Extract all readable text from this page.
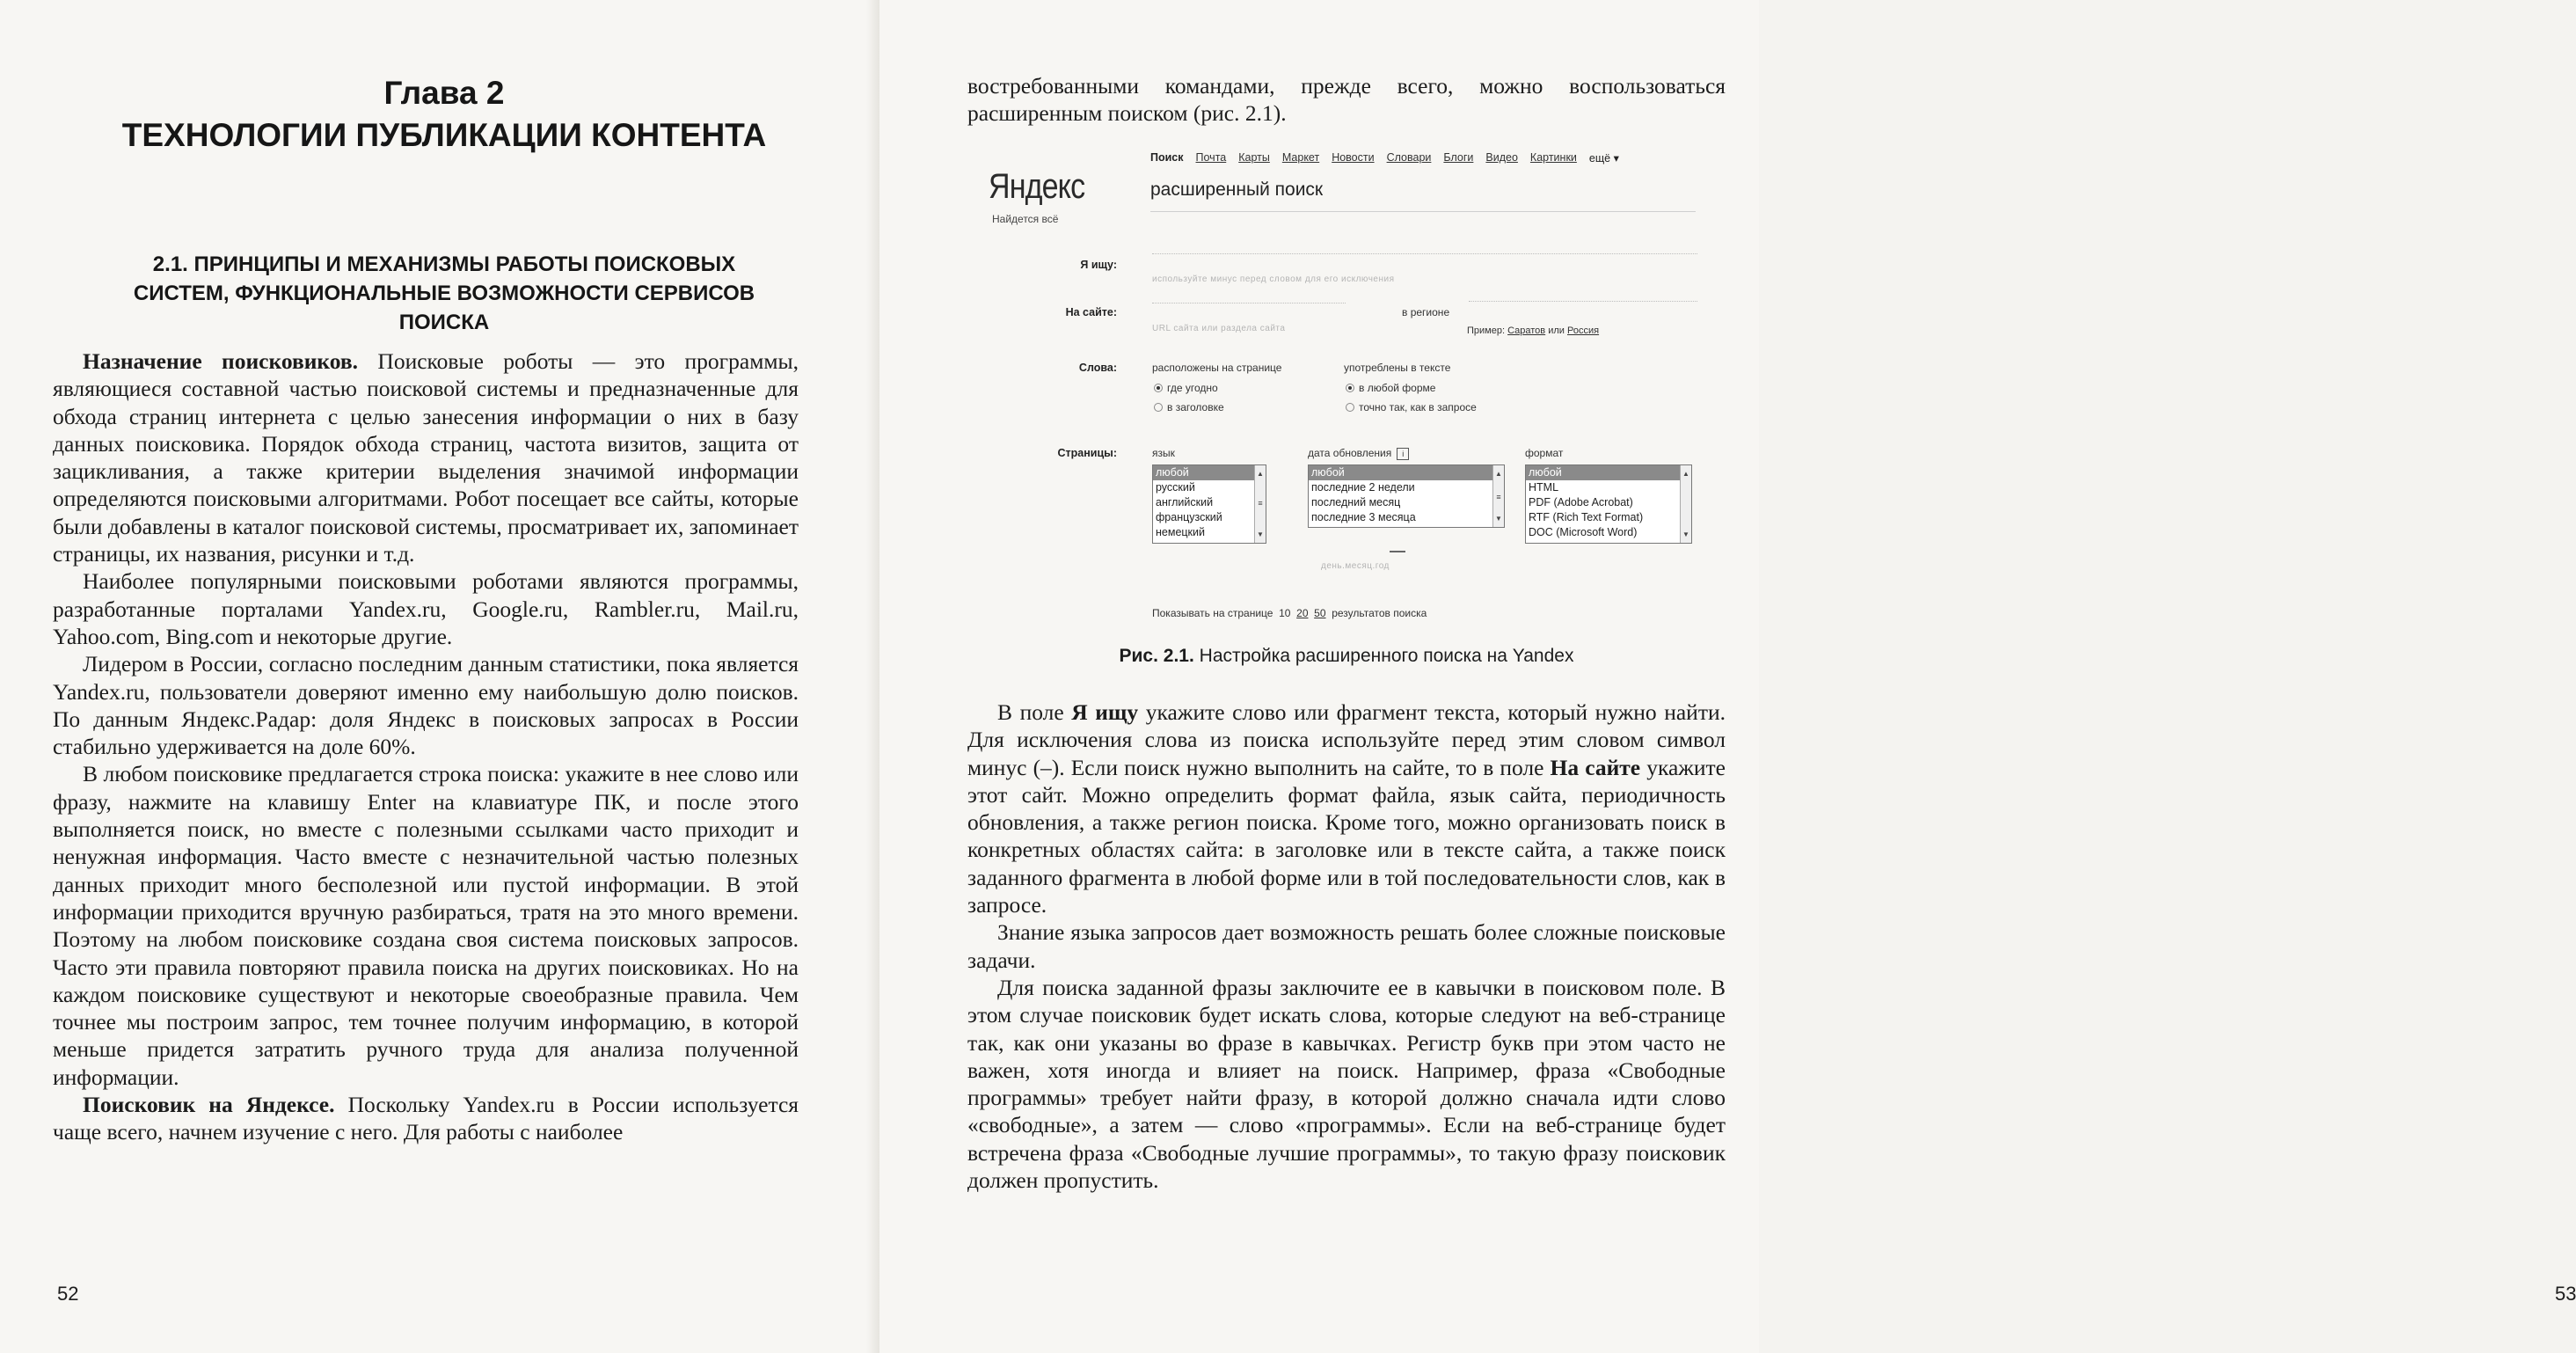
Глава 2
ТЕХНОЛОГИИ ПУБЛИКАЦИИ КОНТЕНТА
2.1. ПРИНЦИПЫ И МЕХАНИЗМЫ РАБОТЫ ПОИСКОВЫХ СИСТЕМ, ФУНКЦИОНАЛЬНЫЕ ВОЗМОЖНОСТИ СЕРВИСОВ ПОИСКА

Назначение поисковиков. Поисковые роботы — это программы, являющиеся составной частью поисковой системы и предназначенные для обхода страниц интернета с целью занесения информации о них в базу данных поисковика. Порядок обхода страниц, частота визитов, защита от зацикливания, а также критерии выделения значимой информации определяются поисковыми алгоритмами. Робот посещает все сайты, которые были добавлены в каталог поисковой системы, просматривает их, запоминает страницы, их названия, рисунки и т.д.

Наиболее популярными поисковыми роботами являются программы, разработанные порталами Yandex.ru, Google.ru, Rambler.ru, Mail.ru, Yahoo.com, Bing.com и некоторые другие.

Лидером в России, согласно последним данным статистики, пока является Yandex.ru, пользователи доверяют именно ему наибольшую долю поисков. По данным Яндекс.Радар: доля Яндекс в поисковых запросах в России стабильно удерживается на доле 60%.

В любом поисковике предлагается строка поиска: укажите в нее слово или фразу, нажмите на клавишу Enter на клавиатуре ПК, и после этого выполняется поиск, но вместе с полезными ссылками часто приходит и ненужная информация. Часто вместе с незначительной частью полезных данных приходит много бесполезной или пустой информации. В этой информации приходится вручную разбираться, тратя на это много времени. Поэтому на любом поисковике создана своя система поисковых запросов. Часто эти правила повторяют правила поиска на других поисковиках. Но на каждом поисковике существуют и некоторые своеобразные правила. Чем точнее мы построим запрос, тем точнее получим информацию, в которой меньше придется затратить ручного труда для анализа полученной информации.

Поисковик на Яндексе. Поскольку Yandex.ru в России используется чаще всего, начнем изучение с него. Для работы с наиболее

52

востребованными командами, прежде всего, можно воспользоваться расширенным поиском (рис. 2.1).

Яндекс
Найдется всё
Поиск Почта Карты Маркет Новости Словари Блоги Видео Картинки ещё ▾
расширенный поиск
Я ищу:
используйте минус перед словом для его исключения
На сайте:
URL сайта или раздела сайта
в регионе
Пример: Саратов или Россия
Слова:	расположены на странице
где угодно
в заголовке
употреблены в тексте
в любой форме
точно так, как в запросе
Страницы:	язык
любой
русский
английский
французский
немецкий
▲
≡
▼
дата обновления i
любой
последние 2 недели
последний месяц
последние 3 месяца
▲
≡
▼
день.месяц.год
формат
любой
HTML
PDF (Adobe Acrobat)
RTF (Rich Text Format)
DOC (Microsoft Word)
▲
▼
Показывать на странице 10 20 50 результатов поиска
Рис. 2.1. Настройка расширенного поиска на Yandex

В поле Я ищу укажите слово или фрагмент текста, который нужно найти. Для исключения слова из поиска используйте перед этим словом символ минус (–). Если поиск нужно выполнить на сайте, то в поле На сайте укажите этот сайт. Можно определить формат файла, язык сайта, периодичность обновления, а также регион поиска. Кроме того, можно организовать поиск в конкретных областях сайта: в заголовке или в тексте сайта, а также поиск заданного фрагмента в любой форме или в той последовательности слов, как в запросе.

Знание языка запросов дает возможность решать более сложные поисковые задачи.

Для поиска заданной фразы заключите ее в кавычки в поисковом поле. В этом случае поисковик будет искать слова, которые следуют на веб-странице так, как они указаны во фразе в кавычках. Регистр букв при этом часто не важен, хотя иногда и влияет на поиск. Например, фраза «Свободные программы» требует найти фразу, в которой должно сначала идти слово «свободные», а затем — слово «программы». Если на веб-странице будет встречена фраза «Свободные лучшие программы», то такую фразу поисковик должен пропустить.

53
